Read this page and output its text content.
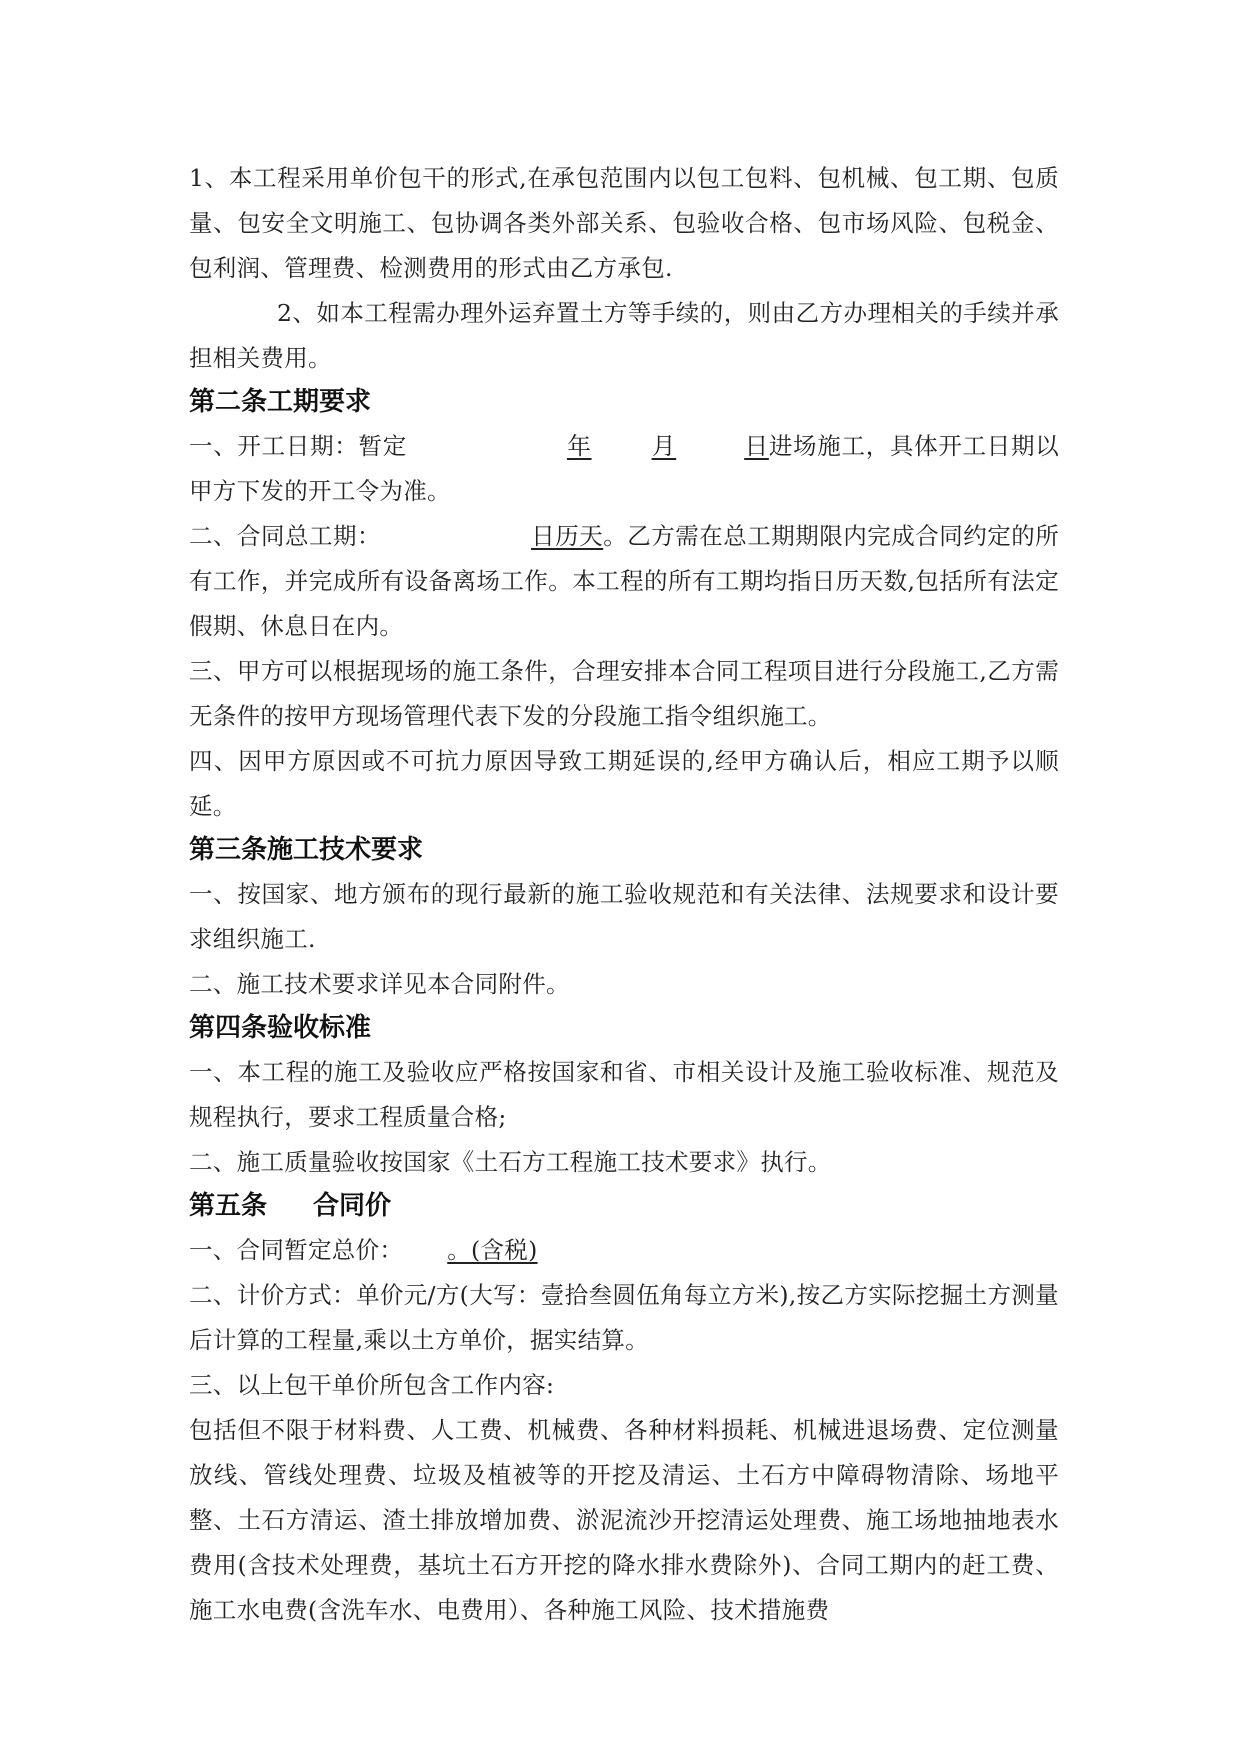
1、本工程采用单价包干的形式,在承包范围内以包工包料、包机械、包工期、包质量、包安全文明施工、包协调各类外部关系、包验收合格、包市场风险、包税金、包利润、管理费、检测费用的形式由乙方承包.

2、如本工程需办理外运弃置土方等手续的，则由乙方办理相关的手续并承担相关费用。

第二条工期要求

一、开工日期：暂定	年	月	日进场施工，具体开工日期以甲方下发的开工令为准。

二、合同总工期：	日历天。乙方需在总工期期限内完成合同约定的所有工作，并完成所有设备离场工作。本工程的所有工期均指日历天数,包括所有法定假期、休息日在内。

三、甲方可以根据现场的施工条件，合理安排本合同工程项目进行分段施工,乙方需无条件的按甲方现场管理代表下发的分段施工指令组织施工。

四、因甲方原因或不可抗力原因导致工期延误的,经甲方确认后，相应工期予以顺延。

第三条施工技术要求

一、按国家、地方颁布的现行最新的施工验收规范和有关法律、法规要求和设计要求组织施工.

二、施工技术要求详见本合同附件。

第四条验收标准

一、本工程的施工及验收应严格按国家和省、市相关设计及施工验收标准、规范及规程执行，要求工程质量合格;

二、施工质量验收按国家《土石方工程施工技术要求》执行。

第五条 合同价

一、合同暂定总价： 。(含税)

二、计价方式：单价元/方(大写：壹拾叁圆伍角每立方米),按乙方实际挖掘土方测量后计算的工程量,乘以土方单价，据实结算。

三、以上包干单价所包含工作内容:

包括但不限于材料费、人工费、机械费、各种材料损耗、机械进退场费、定位测量放线、管线处理费、垃圾及植被等的开挖及清运、土石方中障碍物清除、场地平整、土石方清运、渣土排放增加费、淤泥流沙开挖清运处理费、施工场地抽地表水费用(含技术处理费，基坑土石方开挖的降水排水费除外)、合同工期内的赶工费、施工水电费(含洗车水、电费用）、各种施工风险、技术措施费
